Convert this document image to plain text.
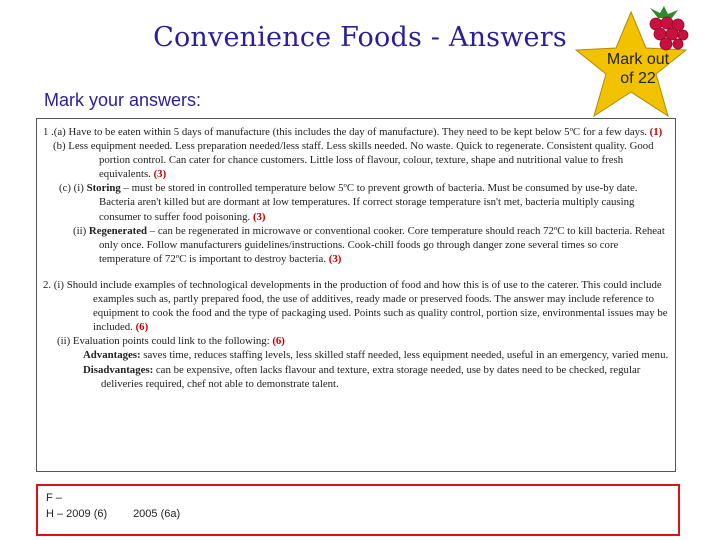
Convenience Foods - Answers
Mark out
of 22
Mark your answers:

1 .(a) Have to be eaten within 5 days of manufacture (this includes the day of manufacture). They need to be kept below 5ºC for a few days. (1)

(b) Less equipment needed. Less preparation needed/less staff. Less skills needed. No waste. Quick to regenerate. Consistent quality. Good portion control. Can cater for chance customers. Little loss of flavour, colour, texture, shape and nutritional value to fresh equivalents. (3)

(c) (i) Storing – must be stored in controlled temperature below 5ºC to prevent growth of bacteria. Must be consumed by use-by date. Bacteria aren't killed but are dormant at low temperatures. If correct storage temperature isn't met, bacteria multiply causing consumer to suffer food poisoning. (3)

(ii) Regenerated – can be regenerated in microwave or conventional cooker. Core temperature should reach 72ºC to kill bacteria. Reheat only once. Follow manufacturers guidelines/instructions. Cook-chill foods go through danger zone several times so core temperature of 72ºC is important to destroy bacteria. (3)

2. (i) Should include examples of technological developments in the production of food and how this is of use to the caterer. This could include examples such as, partly prepared food, the use of additives, ready made or preserved foods. The answer may include reference to equipment to cook the food and the type of packaging used. Points such as quality control, portion size, environmental issues may be included. (6)

(ii) Evaluation points could link to the following: (6)

Advantages: saves time, reduces staffing levels, less skilled staff needed, less equipment needed, useful in an emergency, varied menu.

Disadvantages: can be expensive, often lacks flavour and texture, extra storage needed, use by dates need to be checked, regular deliveries required, chef not able to demonstrate talent.

F –
H – 2009 (6) 2005 (6a)
